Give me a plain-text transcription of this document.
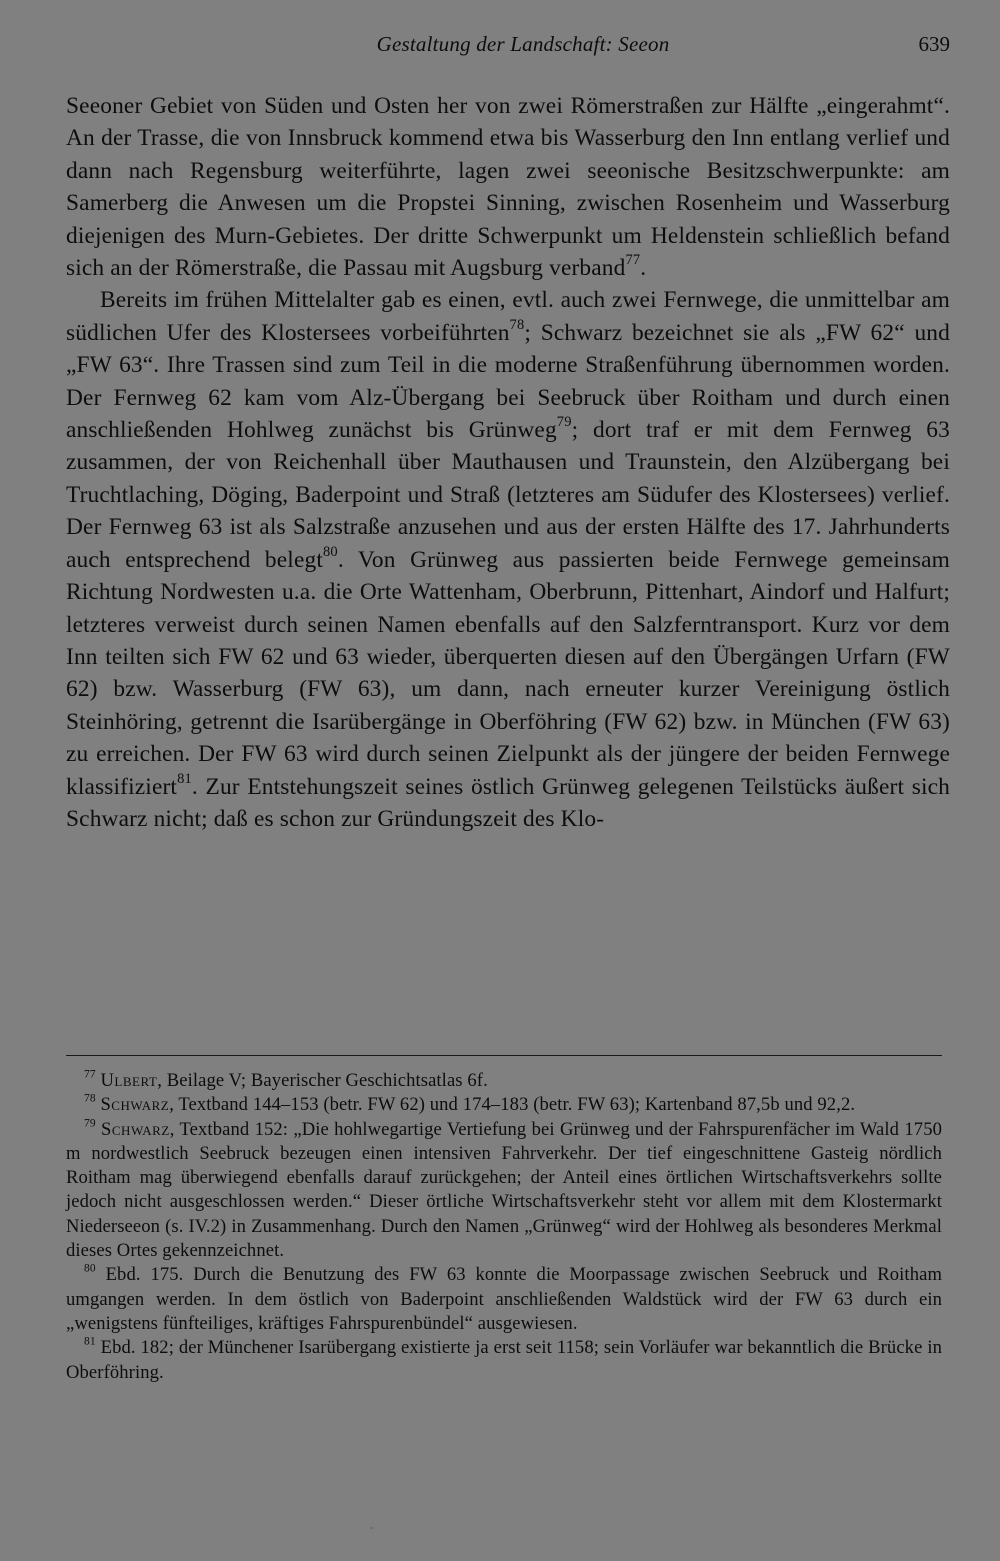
Gestaltung der Landschaft: Seeon	639

Seeoner Gebiet von Süden und Osten her von zwei Römerstraßen zur Hälfte „eingerahmt“. An der Trasse, die von Innsbruck kommend etwa bis Wasserburg den Inn entlang verlief und dann nach Regensburg weiterführte, lagen zwei seeonische Besitzschwerpunkte: am Samerberg die Anwesen um die Propstei Sinning, zwischen Rosenheim und Wasserburg diejenigen des Murn-Gebietes. Der dritte Schwerpunkt um Heldenstein schließlich befand sich an der Römerstraße, die Passau mit Augsburg verband$^{77}$.

Bereits im frühen Mittelalter gab es einen, evtl. auch zwei Fernwege, die unmittelbar am südlichen Ufer des Klostersees vorbeiführten$^{78}$; Schwarz bezeichnet sie als „FW 62“ und „FW 63“. Ihre Trassen sind zum Teil in die moderne Straßenführung übernommen worden. Der Fernweg 62 kam vom Alz-Übergang bei Seebruck über Roitham und durch einen anschließenden Hohlweg zunächst bis Grünweg$^{79}$; dort traf er mit dem Fernweg 63 zusammen, der von Reichenhall über Mauthausen und Traunstein, den Alzübergang bei Truchtlaching, Döging, Baderpoint und Straß (letzteres am Südufer des Klostersees) verlief. Der Fernweg 63 ist als Salzstraße anzusehen und aus der ersten Hälfte des 17. Jahrhunderts auch entsprechend belegt$^{80}$. Von Grünweg aus passierten beide Fernwege gemeinsam Richtung Nordwesten u.a. die Orte Wattenham, Oberbrunn, Pittenhart, Aindorf und Halfurt; letzteres verweist durch seinen Namen ebenfalls auf den Salzferntransport. Kurz vor dem Inn teilten sich FW 62 und 63 wieder, überquerten diesen auf den Übergängen Urfarn (FW 62) bzw. Wasserburg (FW 63), um dann, nach erneuter kurzer Vereinigung östlich Steinhöring, getrennt die Isarübergänge in Oberföhring (FW 62) bzw. in München (FW 63) zu erreichen. Der FW 63 wird durch seinen Zielpunkt als der jüngere der beiden Fernwege klassifiziert$^{81}$. Zur Entstehungszeit seines östlich Grünweg gelegenen Teilstücks äußert sich Schwarz nicht; daß es schon zur Gründungszeit des Klo-

$^{77}$ Ulbert, Beilage V; Bayerischer Geschichtsatlas 6f.

$^{78}$ Schwarz, Textband 144–153 (betr. FW 62) und 174–183 (betr. FW 63); Kartenband 87,5b und 92,2.

$^{79}$ Schwarz, Textband 152: „Die hohlwegartige Vertiefung bei Grünweg und der Fahrspurenfächer im Wald 1750 m nordwestlich Seebruck bezeugen einen intensiven Fahrverkehr. Der tief eingeschnittene Gasteig nördlich Roitham mag überwiegend ebenfalls darauf zurückgehen; der Anteil eines örtlichen Wirtschaftsverkehrs sollte jedoch nicht ausgeschlossen werden.“ Dieser örtliche Wirtschaftsverkehr steht vor allem mit dem Klostermarkt Niederseeon (s. IV.2) in Zusammenhang. Durch den Namen „Grünweg“ wird der Hohlweg als besonderes Merkmal dieses Ortes gekennzeichnet.

$^{80}$ Ebd. 175. Durch die Benutzung des FW 63 konnte die Moorpassage zwischen Seebruck und Roitham umgangen werden. In dem östlich von Baderpoint anschließenden Waldstück wird der FW 63 durch ein „wenigstens fünfteiliges, kräftiges Fahrspurenbündel“ ausgewiesen.

$^{81}$ Ebd. 182; der Münchener Isarübergang existierte ja erst seit 1158; sein Vorläufer war bekanntlich die Brücke in Oberföhring.
